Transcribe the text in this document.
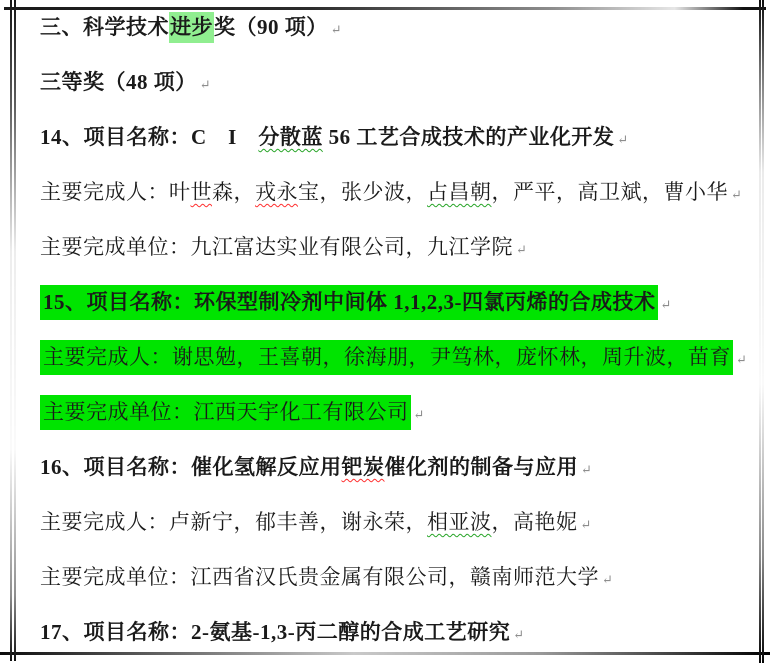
三、科学技术进步奖（90 项） ↵
三等奖（48 项） ↵
14、项目名称：C　I　分散蓝 56 工艺合成技术的产业化开发 ↵
主要完成人：叶世森，戎永宝，张少波，占昌朝，严平，高卫斌，曹小华 ↵
主要完成单位：九江富达实业有限公司，九江学院 ↵
15、项目名称：环保型制冷剂中间体 1,1,2,3-四氯丙烯的合成技术 ↵
主要完成人：谢思勉，王喜朝，徐海朋，尹笃林，庞怀林，周升波，苗育 ↵
主要完成单位：江西天宇化工有限公司 ↵
16、项目名称：催化氢解反应用钯炭催化剂的制备与应用 ↵
主要完成人：卢新宁，郁丰善，谢永荣，相亚波，高艳妮 ↵
主要完成单位：江西省汉氏贵金属有限公司，赣南师范大学 ↵
17、项目名称：2-氨基-1,3-丙二醇的合成工艺研究 ↵
